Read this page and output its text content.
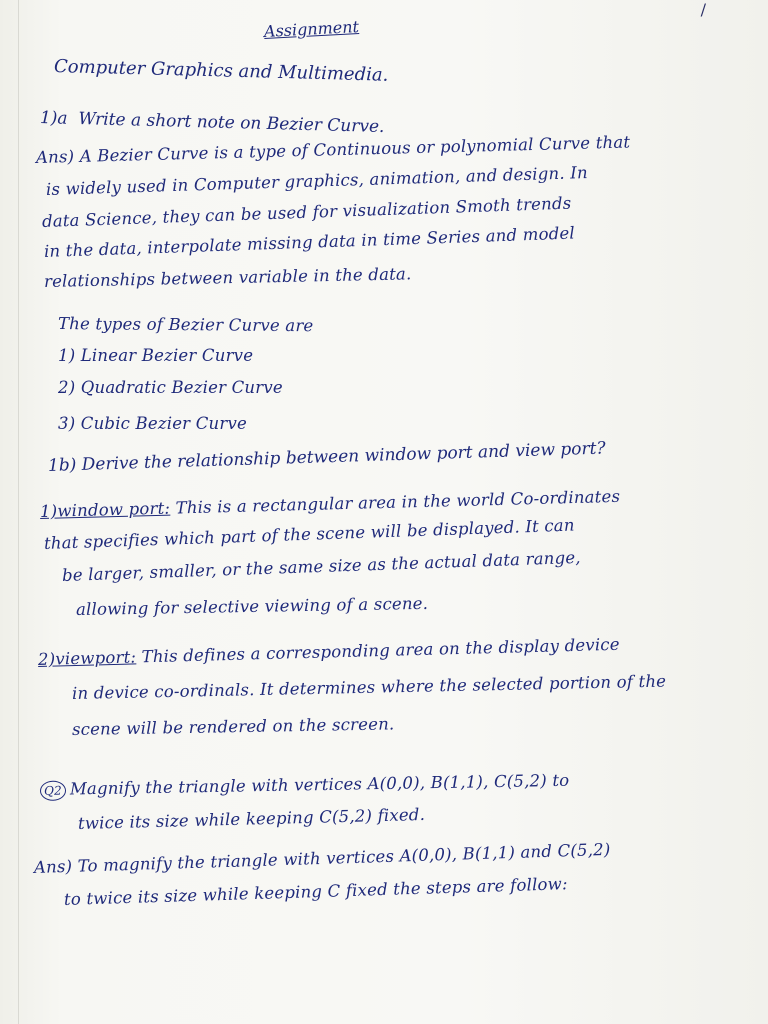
/
Assignment
Computer Graphics and Multimedia.
1)a Write a short note on Bezier Curve.
Ans) A Bezier Curve is a type of Continuous or polynomial Curve that
is widely used in Computer graphics, animation, and design. In
data Science, they can be used for visualization Smoth trends
in the data, interpolate missing data in time Series and model
relationships between variable in the data.
The types of Bezier Curve are
1) Linear Bezier Curve
2) Quadratic Bezier Curve
3) Cubic Bezier Curve
1b) Derive the relationship between window port and view port?
1)window port: This is a rectangular area in the world Co-ordinates
that specifies which part of the scene will be displayed. It can
be larger, smaller, or the same size as the actual data range,
allowing for selective viewing of a scene.
2)viewport: This defines a corresponding area on the display device
in device co-ordinals. It determines where the selected portion of the
scene will be rendered on the screen.
Q2 Magnify the triangle with vertices A(0,0), B(1,1), C(5,2) to
twice its size while keeping C(5,2) fixed.
Ans) To magnify the triangle with vertices A(0,0), B(1,1) and C(5,2)
to twice its size while keeping C fixed the steps are follow:
